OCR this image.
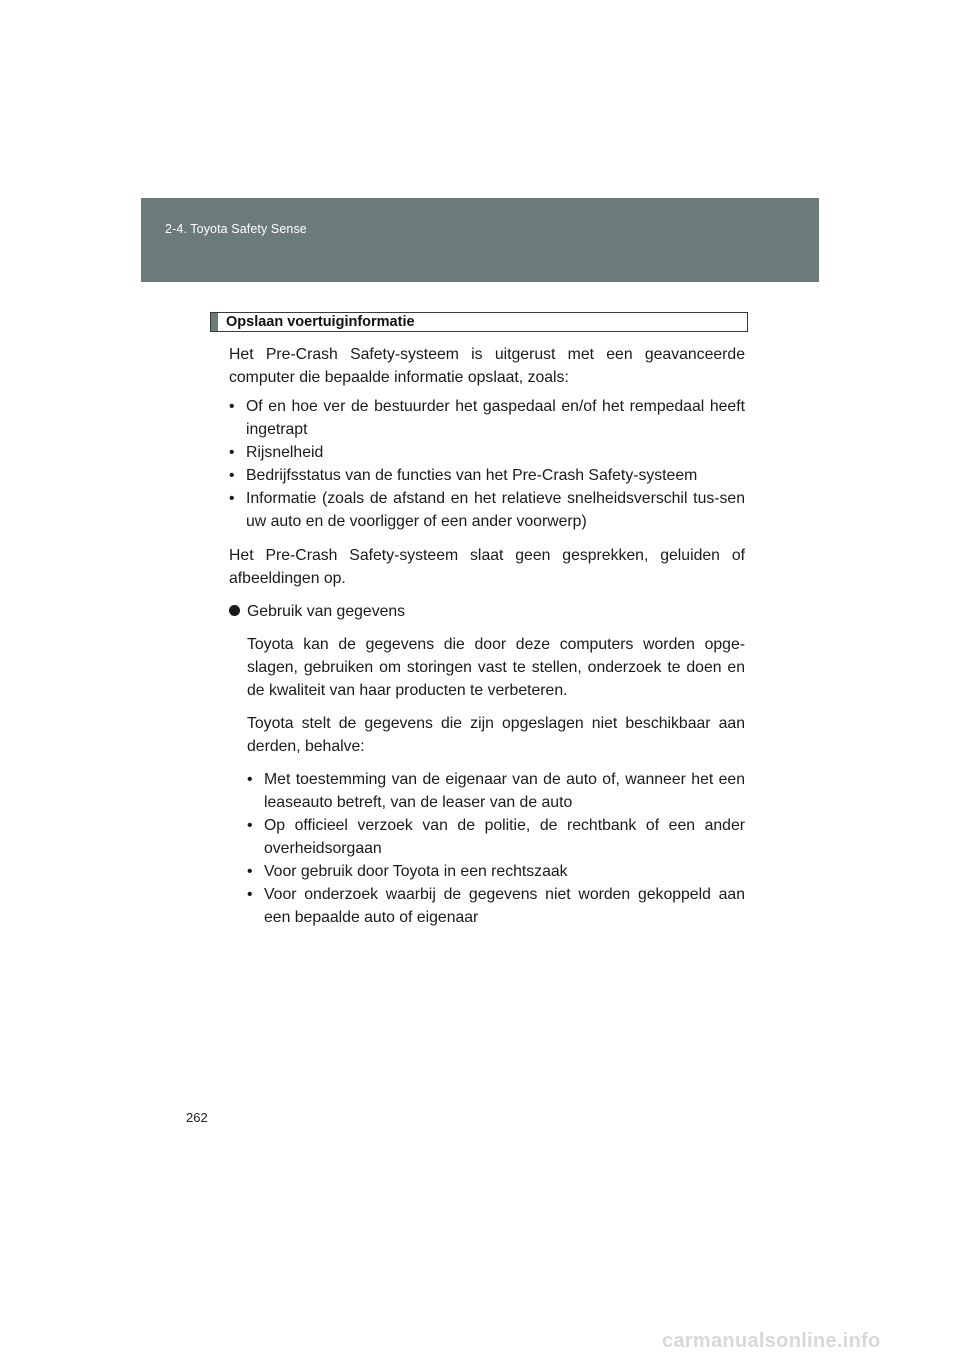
2-4. Toyota Safety Sense
Opslaan voertuiginformatie

Het Pre-Crash Safety-systeem is uitgerust met een geavanceerde computer die bepaalde informatie opslaat, zoals:

• Of en hoe ver de bestuurder het gaspedaal en/of het rempedaal heeft ingetrapt
• Rijsnelheid
• Bedrijfsstatus van de functies van het Pre-Crash Safety-systeem
• Informatie (zoals de afstand en het relatieve snelheidsverschil tus-sen uw auto en de voorligger of een ander voorwerp)

Het Pre-Crash Safety-systeem slaat geen gesprekken, geluiden of afbeeldingen op.

Gebruik van gegevens

Toyota kan de gegevens die door deze computers worden opge-slagen, gebruiken om storingen vast te stellen, onderzoek te doen en de kwaliteit van haar producten te verbeteren.

Toyota stelt de gegevens die zijn opgeslagen niet beschikbaar aan derden, behalve:

• Met toestemming van de eigenaar van de auto of, wanneer het een leaseauto betreft, van de leaser van de auto
• Op officieel verzoek van de politie, de rechtbank of een ander overheidsorgaan
• Voor gebruik door Toyota in een rechtszaak
• Voor onderzoek waarbij de gegevens niet worden gekoppeld aan een bepaalde auto of eigenaar
262
carmanualsonline.info
